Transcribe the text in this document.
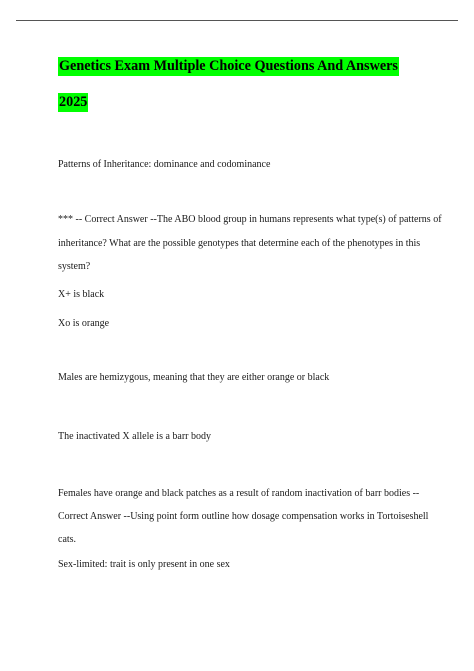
Genetics Exam Multiple Choice Questions And Answers
2025
Patterns of Inheritance: dominance and codominance
*** -- Correct Answer --The ABO blood group in humans represents what type(s) of patterns of
inheritance? What are the possible genotypes that determine each of the phenotypes in this
system?
X+ is black
Xo is orange
Males are hemizygous, meaning that they are either orange or black
The inactivated X allele is a barr body
Females have orange and black patches as a result of random inactivation of barr bodies --
Correct Answer --Using point form outline how dosage compensation works in Tortoiseshell
cats.
Sex-limited: trait is only present in one sex
